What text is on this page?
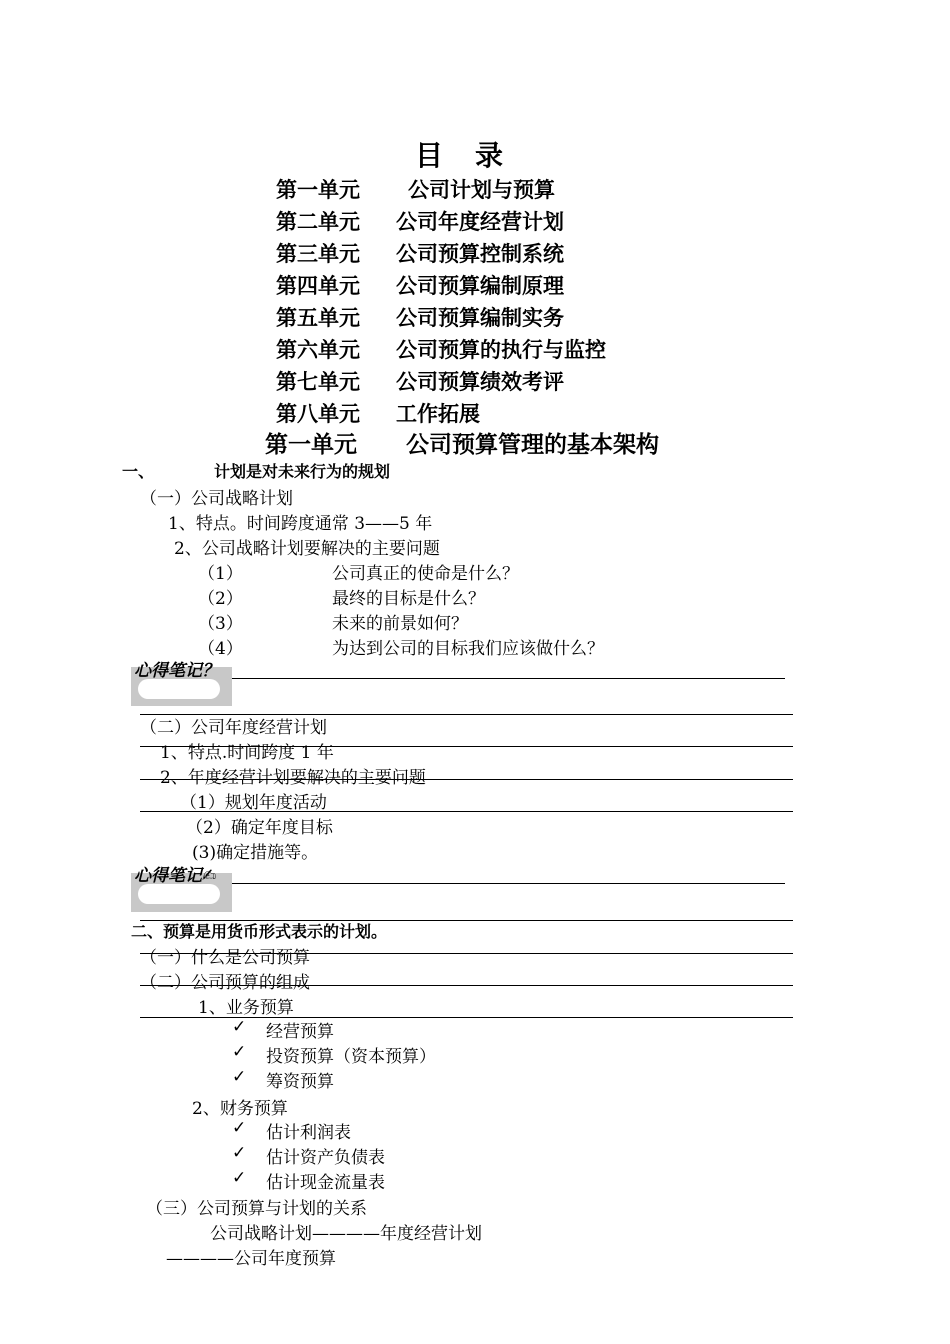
目　录
第一单元 公司计划与预算
第二单元 公司年度经营计划
第三单元 公司预算控制系统
第四单元 公司预算编制原理
第五单元 公司预算编制实务
第六单元 公司预算的执行与监控
第七单元 公司预算绩效考评
第八单元 工作拓展
第一单元 公司预算管理的基本架构
一、	计划是对未来行为的规划
（一）公司战略计划
1、特点。时间跨度通常 3——5 年
2、公司战略计划要解决的主要问题
（1）	公司真正的使命是什么？
（2）	最终的目标是什么？
（3）	未来的前景如何？
（4）	为达到公司的目标我们应该做什么？
心得笔记？
（二）公司年度经营计划
1、特点.时间跨度 1 年
2、年度经营计划要解决的主要问题
（1）规划年度活动
（2）确定年度目标
(3)确定措施等。
心得笔记✍
二、预算是用货币形式表示的计划。
（一）什么是公司预算
（二）公司预算的组成
1、业务预算
✓ 经营预算
✓ 投资预算（资本预算）
✓ 筹资预算
2、财务预算
✓ 估计利润表
✓ 估计资产负债表
✓ 估计现金流量表
（三）公司预算与计划的关系
公司战略计划————年度经营计划
————公司年度预算
